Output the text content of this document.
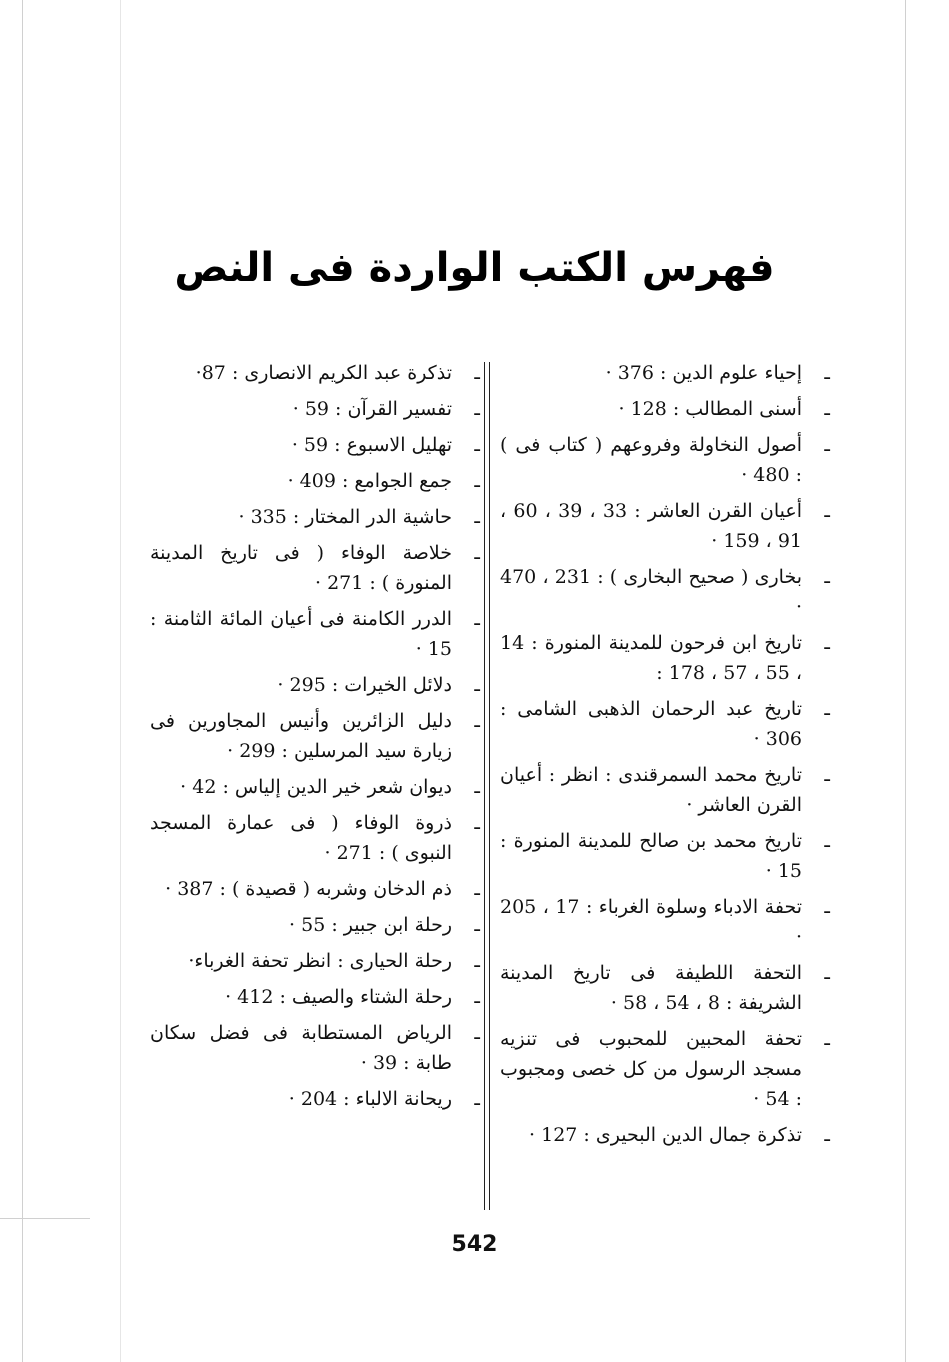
فهرس الكتب الواردة فى النص
ـ
إحياء علوم الدين : 376 ·
ـ
أسنى المطالب : 128 ·
ـ
أصول النخاولة وفروعهم ( كتاب فى ) : 480 ·
ـ
أعيان القرن العاشر : 33 ، 39 ، 60 ، 91 ، 159 ·
ـ
بخارى ( صحيح البخارى ) : 231 ، 470 ·
ـ
تاريخ ابن فرحون للمدينة المنورة : 14 ، 55 ، 57 ، 178 :
ـ
تاريخ عبد الرحمان الذهبى الشامى : 306 ·
ـ
تاريخ محمد السمرقندى : انظر : أعيان القرن العاشر ·
ـ
تاريخ محمد بن صالح للمدينة المنورة : 15 ·
ـ
تحفة الادباء وسلوة الغرباء : 17 ، 205 ·
ـ
التحفة اللطيفة فى تاريخ المدينة الشريفة : 8 ، 54 ، 58 ·
ـ
تحفة المحبين للمحبوب فى تنزيه مسجد الرسول من كل خصى ومجبوب : 54 ·
ـ
تذكرة جمال الدين البحيرى : 127 ·
ـ
تذكرة عبد الكريم الانصارى : 87·
ـ
تفسير القرآن : 59 ·
ـ
تهليل الاسبوع : 59 ·
ـ
جمع الجوامع : 409 ·
ـ
حاشية الدر المختار : 335 ·
ـ
خلاصة الوفاء ( فى تاريخ المدينة المنورة ) : 271 ·
ـ
الدرر الكامنة فى أعيان المائة الثامنة : 15 ·
ـ
دلائل الخيرات : 295 ·
ـ
دليل الزائرين وأنيس المجاورين فى زيارة سيد المرسلين : 299 ·
ـ
ديوان شعر خير الدين إلياس : 42 ·
ـ
ذروة الوفاء ( فى عمارة المسجد النبوى ) : 271 ·
ـ
ذم الدخان وشربه ( قصيدة ) : 387 ·
ـ
رحلة ابن جبير : 55 ·
ـ
رحلة الحيارى : انظر تحفة الغرباء·
ـ
رحلة الشتاء والصيف : 412 ·
ـ
الرياض المستطابة فى فضل سكان طابة : 39 ·
ـ
ريحانة الالباء : 204 ·
542
